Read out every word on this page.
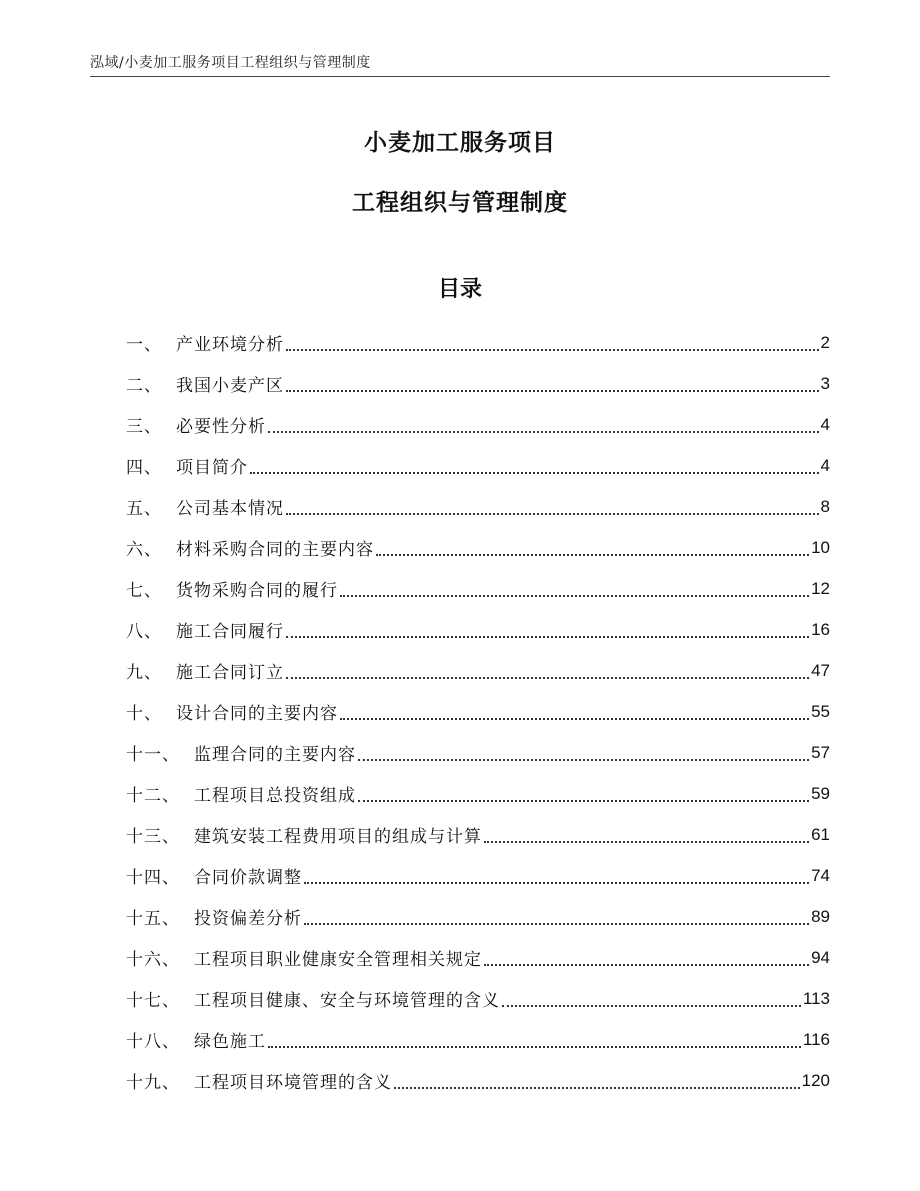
泓域/小麦加工服务项目工程组织与管理制度
小麦加工服务项目
工程组织与管理制度
目录
一、 产业环境分析	2
二、 我国小麦产区	3
三、 必要性分析	4
四、 项目简介	4
五、 公司基本情况	8
六、 材料采购合同的主要内容	10
七、 货物采购合同的履行	12
八、 施工合同履行	16
九、 施工合同订立	47
十、 设计合同的主要内容	55
十一、 监理合同的主要内容	57
十二、 工程项目总投资组成	59
十三、 建筑安装工程费用项目的组成与计算	61
十四、 合同价款调整	74
十五、 投资偏差分析	89
十六、 工程项目职业健康安全管理相关规定	94
十七、 工程项目健康、安全与环境管理的含义	113
十八、 绿色施工	116
十九、 工程项目环境管理的含义	120
